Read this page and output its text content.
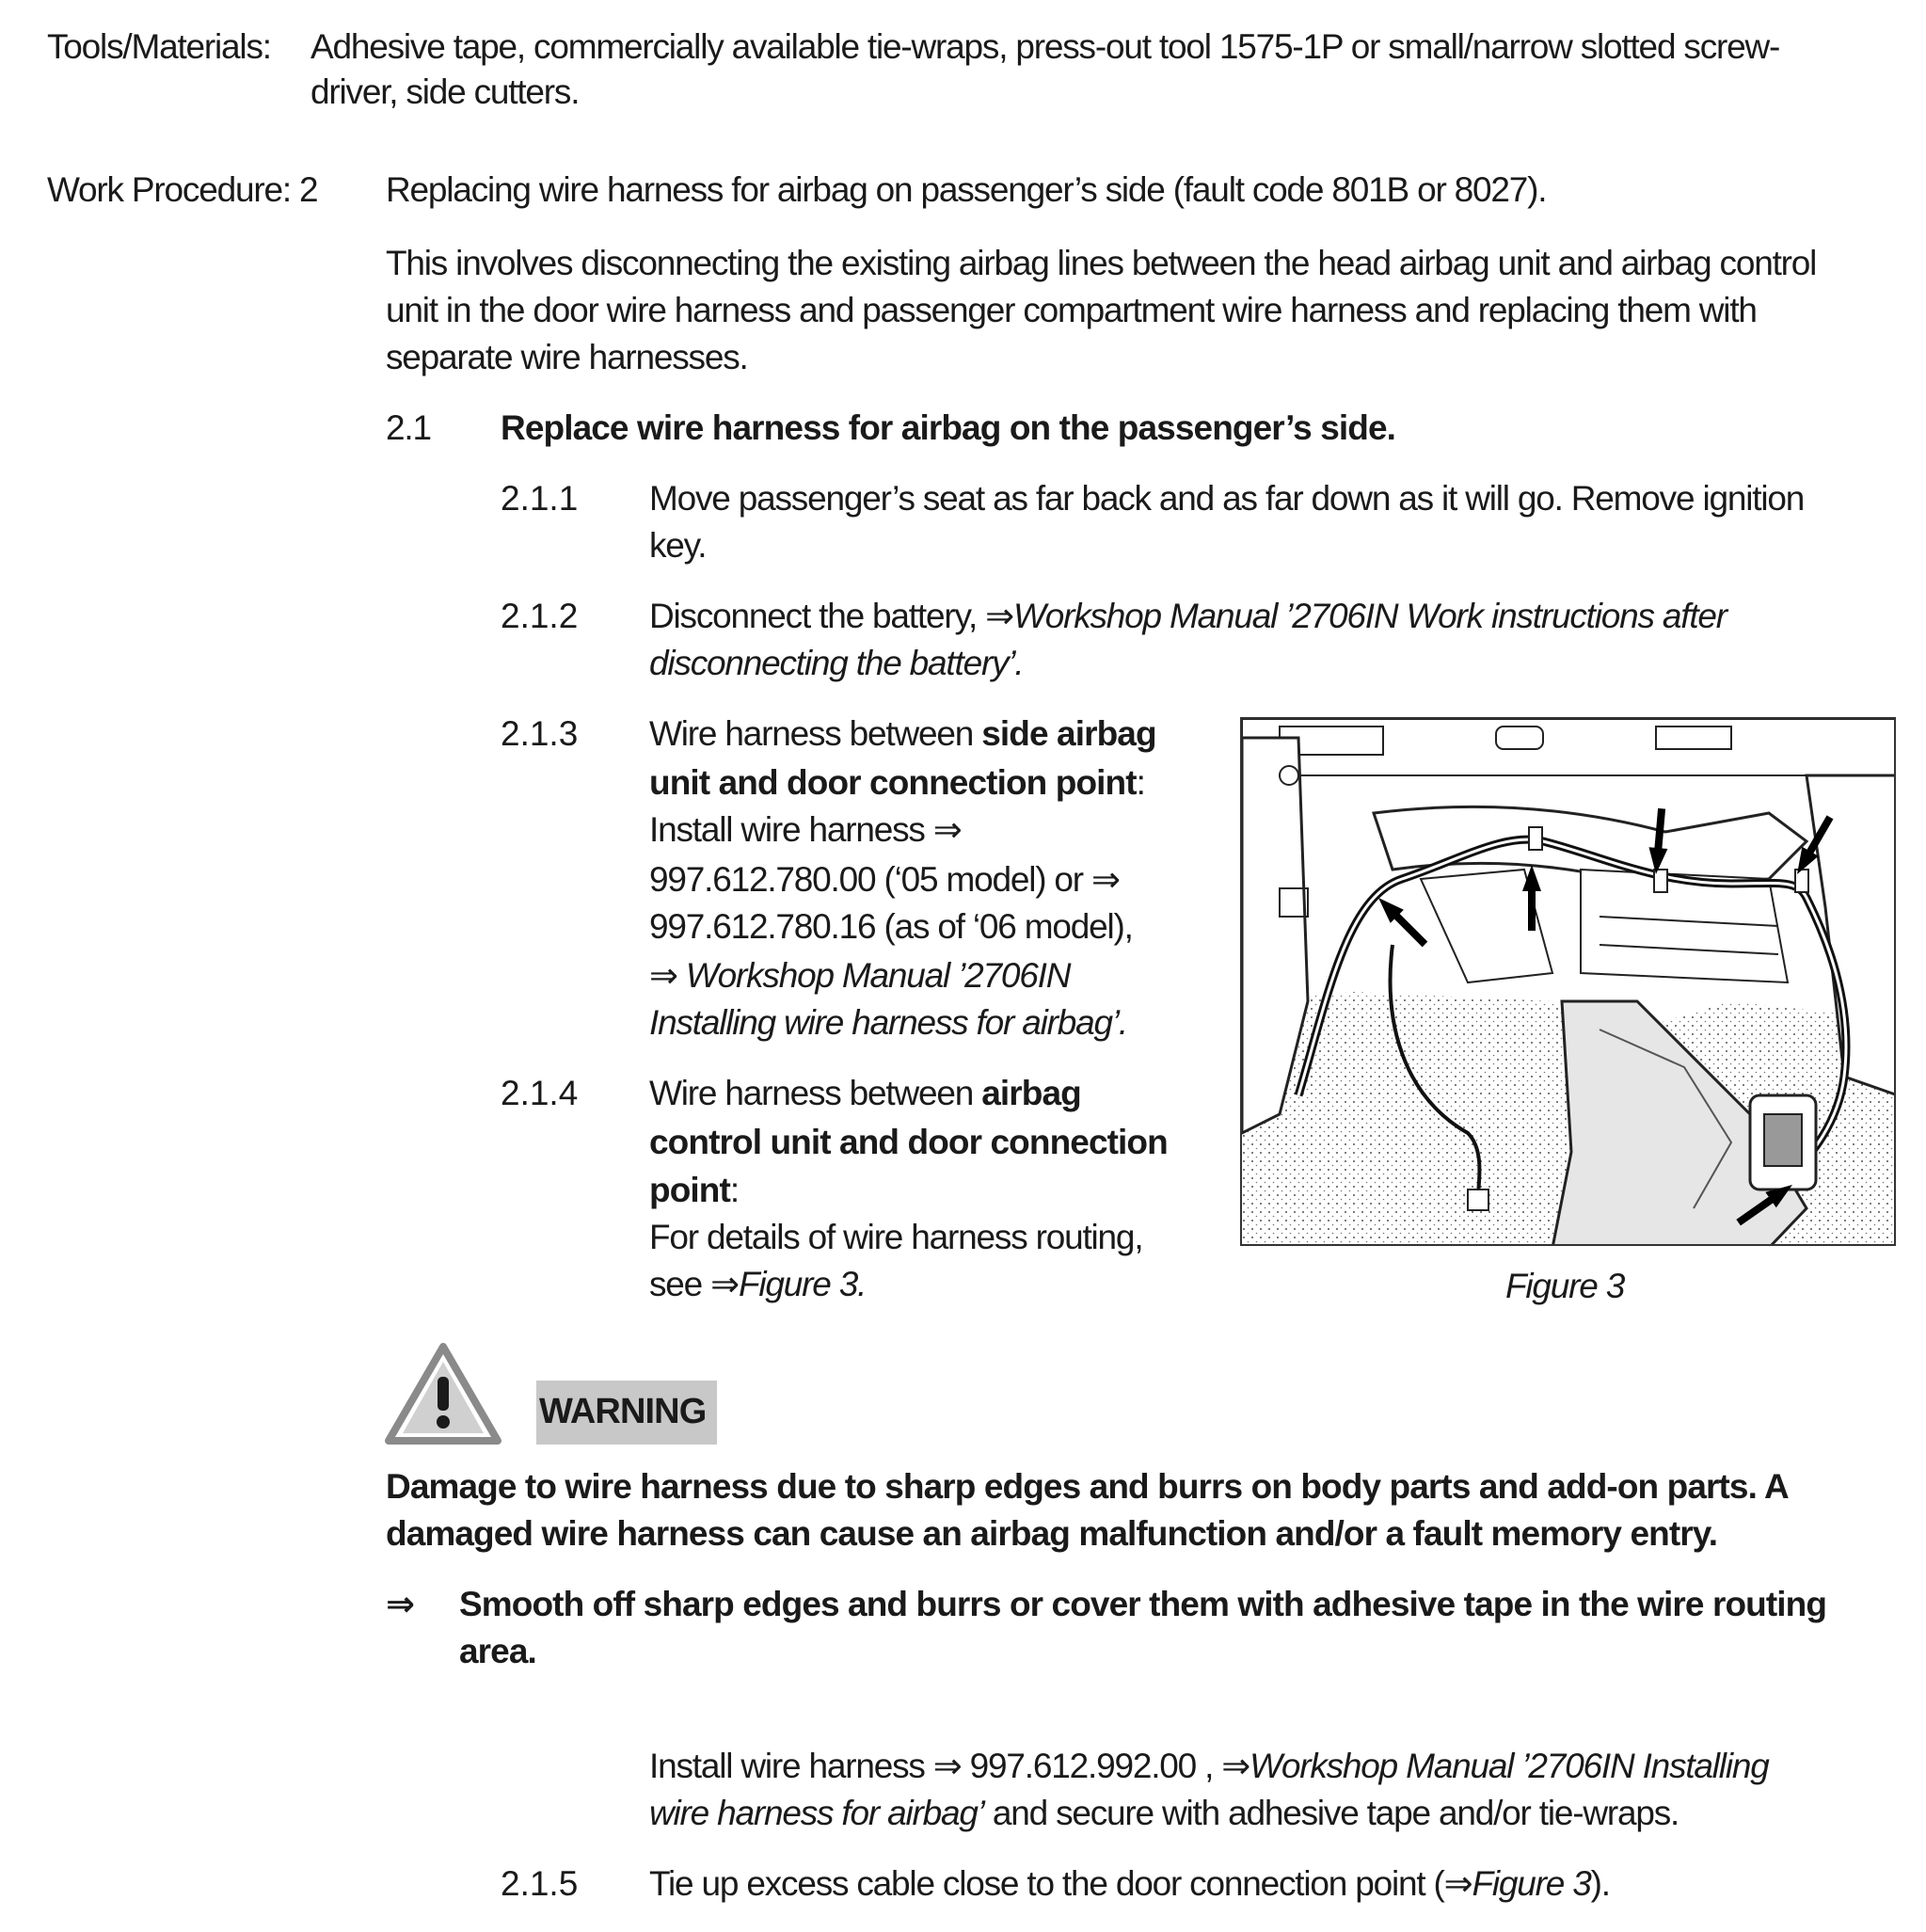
Tools/Materials: Adhesive tape, commercially available tie-wraps, press-out tool 1575-1P or small/narrow slotted screw-
driver, side cutters.
Work Procedure: 2 Replacing wire harness for airbag on passenger’s side (fault code 801B or 8027).
This involves disconnecting the existing airbag lines between the head airbag unit and airbag control
unit in the door wire harness and passenger compartment wire harness and replacing them with
separate wire harnesses.
2.1 Replace wire harness for airbag on the passenger’s side.
2.1.1 Move passenger’s seat as far back and as far down as it will go. Remove ignition
key.
2.1.2 Disconnect the battery, ⇒Workshop Manual ’2706IN Work instructions after
disconnecting the battery’.
2.1.3 Wire harness between side airbag
unit and door connection point:
Install wire harness ⇒
997.612.780.00 (‘05 model) or ⇒
997.612.780.16 (as of ‘06 model),
⇒ Workshop Manual ’2706IN
Installing wire harness for airbag’.
2.1.4 Wire harness between airbag
control unit and door connection
point:
For details of wire harness routing,
see ⇒Figure 3.	Figure 3
WARNING
Damage to wire harness due to sharp edges and burrs on body parts and add-on parts. A
damaged wire harness can cause an airbag malfunction and/or a fault memory entry.
⇒ Smooth off sharp edges and burrs or cover them with adhesive tape in the wire routing
area.
Install wire harness ⇒ 997.612.992.00 , ⇒Workshop Manual ’2706IN Installing
wire harness for airbag’ and secure with adhesive tape and/or tie-wraps.
2.1.5 Tie up excess cable close to the door connection point (⇒Figure 3).
